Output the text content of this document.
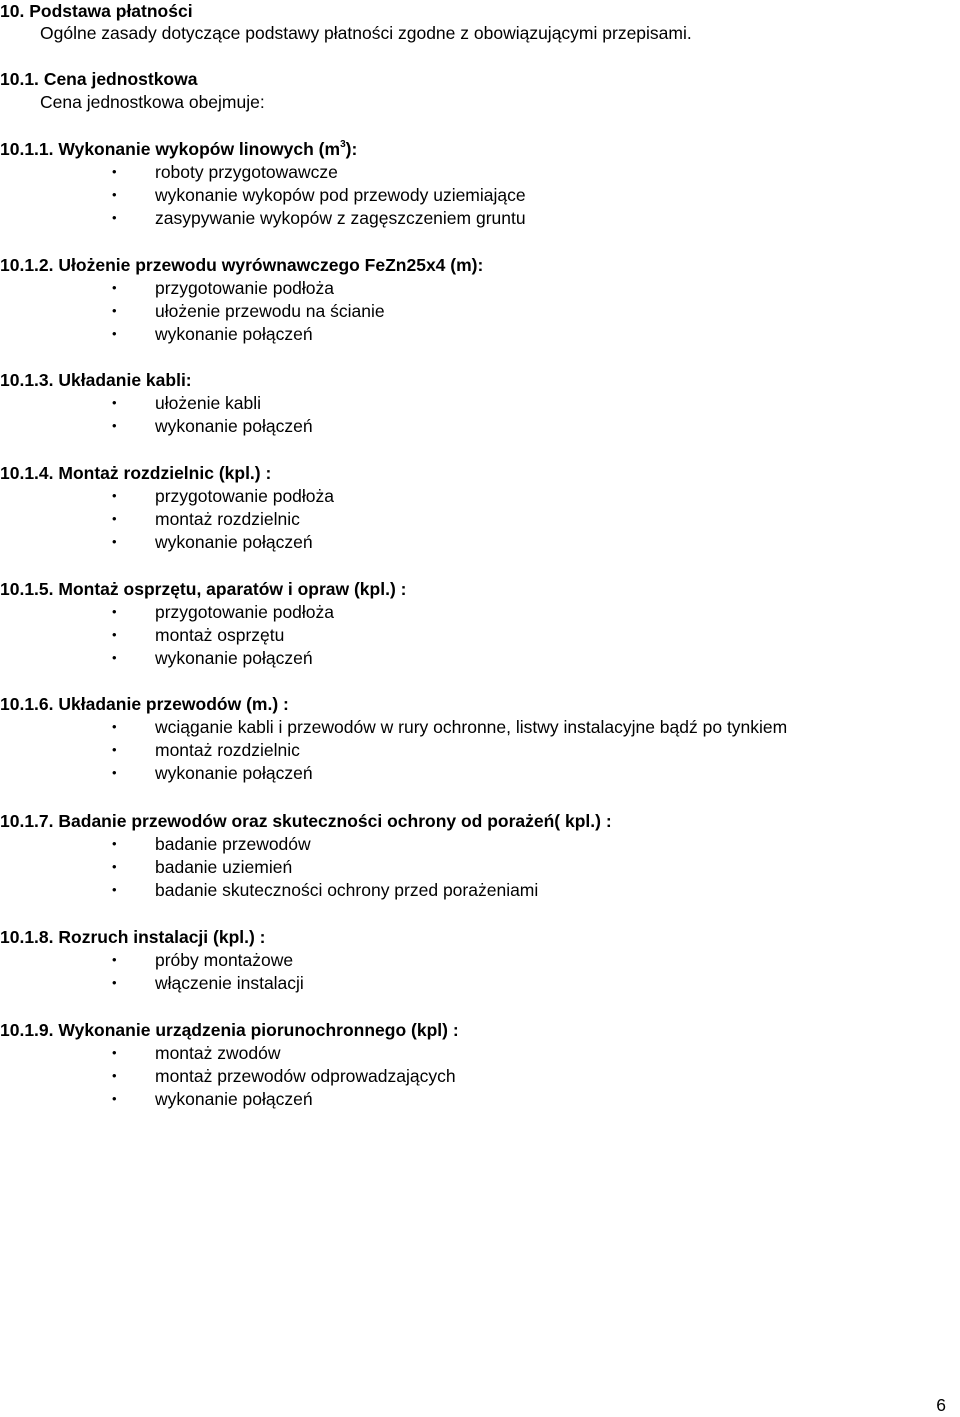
10. Podstawa płatności
Ogólne zasady dotyczące podstawy płatności zgodne z obowiązującymi przepisami.
10.1. Cena jednostkowa
Cena jednostkowa obejmuje:
10.1.1. Wykonanie wykopów linowych $(m^3)$:
• roboty przygotowawcze
• wykonanie wykopów pod przewody uziemiające
• zasypywanie wykopów z zagęszczeniem gruntu
10.1.2. Ułożenie przewodu wyrównawczego FeZn25x4 (m):
• przygotowanie podłoża
• ułożenie przewodu na ścianie
• wykonanie połączeń
10.1.3. Układanie kabli:
• ułożenie kabli
• wykonanie połączeń
10.1.4. Montaż rozdzielnic (kpl.) :
• przygotowanie podłoża
• montaż rozdzielnic
• wykonanie połączeń
10.1.5. Montaż osprzętu, aparatów i opraw (kpl.) :
• przygotowanie podłoża
• montaż osprzętu
• wykonanie połączeń
10.1.6. Układanie przewodów (m.) :
• wciąganie kabli i przewodów w rury ochronne, listwy instalacyjne bądź po tynkiem
• montaż rozdzielnic
• wykonanie połączeń
10.1.7. Badanie przewodów oraz skuteczności ochrony od porażeń( kpl.) :
• badanie przewodów
• badanie uziemień
• badanie skuteczności ochrony przed porażeniami
10.1.8. Rozruch instalacji (kpl.) :
• próby montażowe
• włączenie instalacji
10.1.9. Wykonanie urządzenia piorunochronnego (kpl) :
• montaż zwodów
• montaż przewodów odprowadzających
• wykonanie połączeń
6
